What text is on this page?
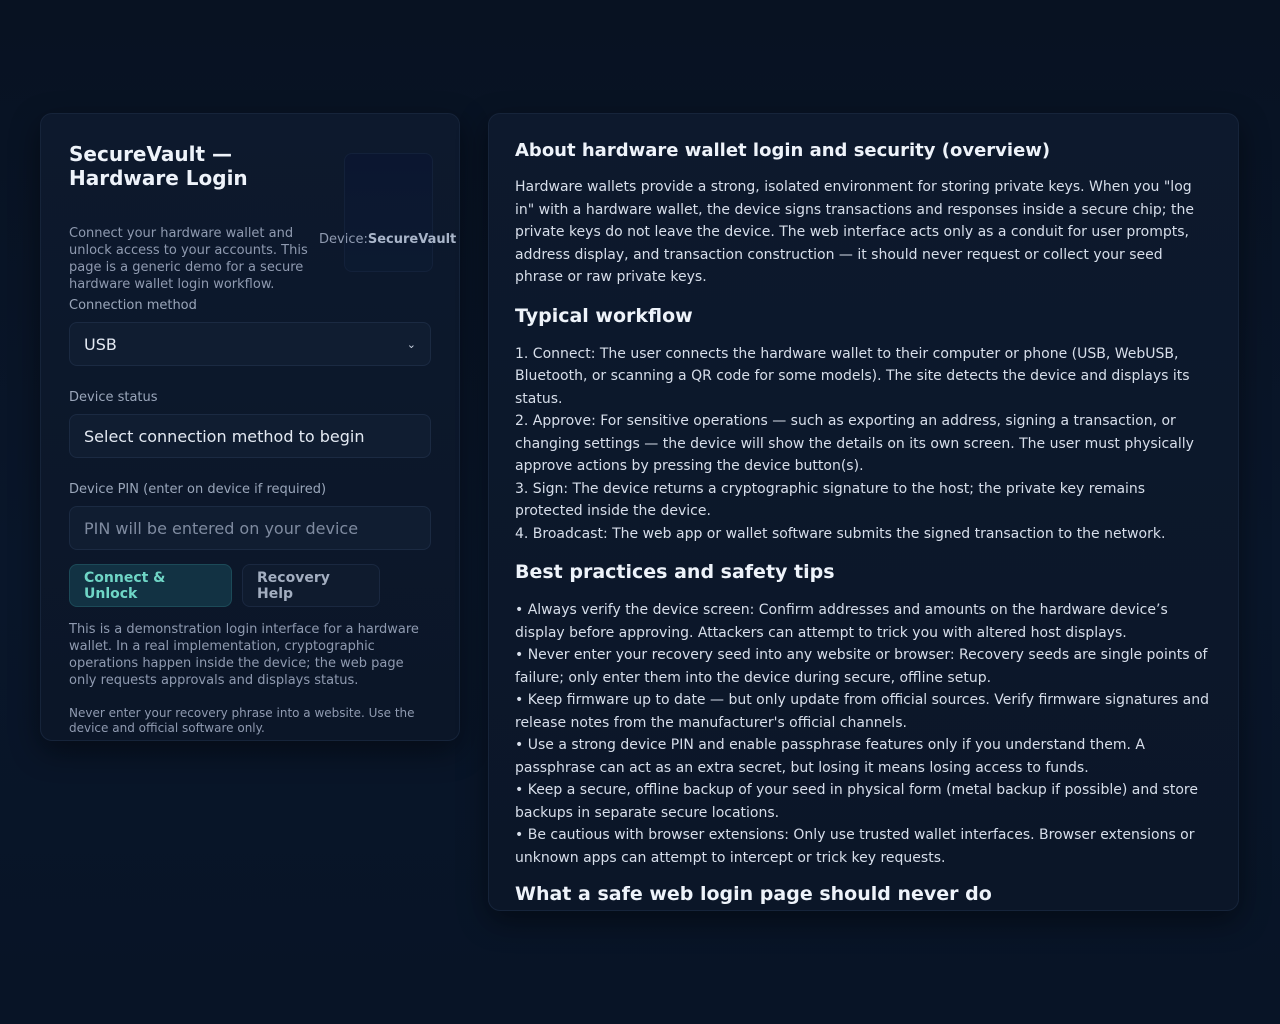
SecureVault — Hardware Login
Connect your hardware wallet and unlock access to your accounts. This page is a generic demo for a secure hardware wallet login workflow.
Device:SecureVault
Connection method
USB	⌄
Device status
Select connection method to begin
Device PIN (enter on device if required)
PIN will be entered on your device
Connect & Unlock
Recovery Help
This is a demonstration login interface for a hardware wallet. In a real implementation, cryptographic operations happen inside the device; the web page only requests approvals and displays status.
Never enter your recovery phrase into a website. Use the device and official software only.
About hardware wallet login and security (overview)
Hardware wallets provide a strong, isolated environment for storing private keys. When you "log in" with a hardware wallet, the device signs transactions and responses inside a secure chip; the private keys do not leave the device. The web interface acts only as a conduit for user prompts, address display, and transaction construction — it should never request or collect your seed phrase or raw private keys.
Typical workflow
1. Connect: The user connects the hardware wallet to their computer or phone (USB, WebUSB, Bluetooth, or scanning a QR code for some models). The site detects the device and displays its status.
2. Approve: For sensitive operations — such as exporting an address, signing a transaction, or changing settings — the device will show the details on its own screen. The user must physically approve actions by pressing the device button(s).
3. Sign: The device returns a cryptographic signature to the host; the private key remains protected inside the device.
4. Broadcast: The web app or wallet software submits the signed transaction to the network.
Best practices and safety tips
• Always verify the device screen: Confirm addresses and amounts on the hardware device’s display before approving. Attackers can attempt to trick you with altered host displays.
• Never enter your recovery seed into any website or browser: Recovery seeds are single points of failure; only enter them into the device during secure, offline setup.
• Keep firmware up to date — but only update from official sources. Verify firmware signatures and release notes from the manufacturer's official channels.
• Use a strong device PIN and enable passphrase features only if you understand them. A passphrase can act as an extra secret, but losing it means losing access to funds.
• Keep a secure, offline backup of your seed in physical form (metal backup if possible) and store backups in separate secure locations.
• Be cautious with browser extensions: Only use trusted wallet interfaces. Browser extensions or unknown apps can attempt to intercept or trick key requests.
What a safe web login page should never do
